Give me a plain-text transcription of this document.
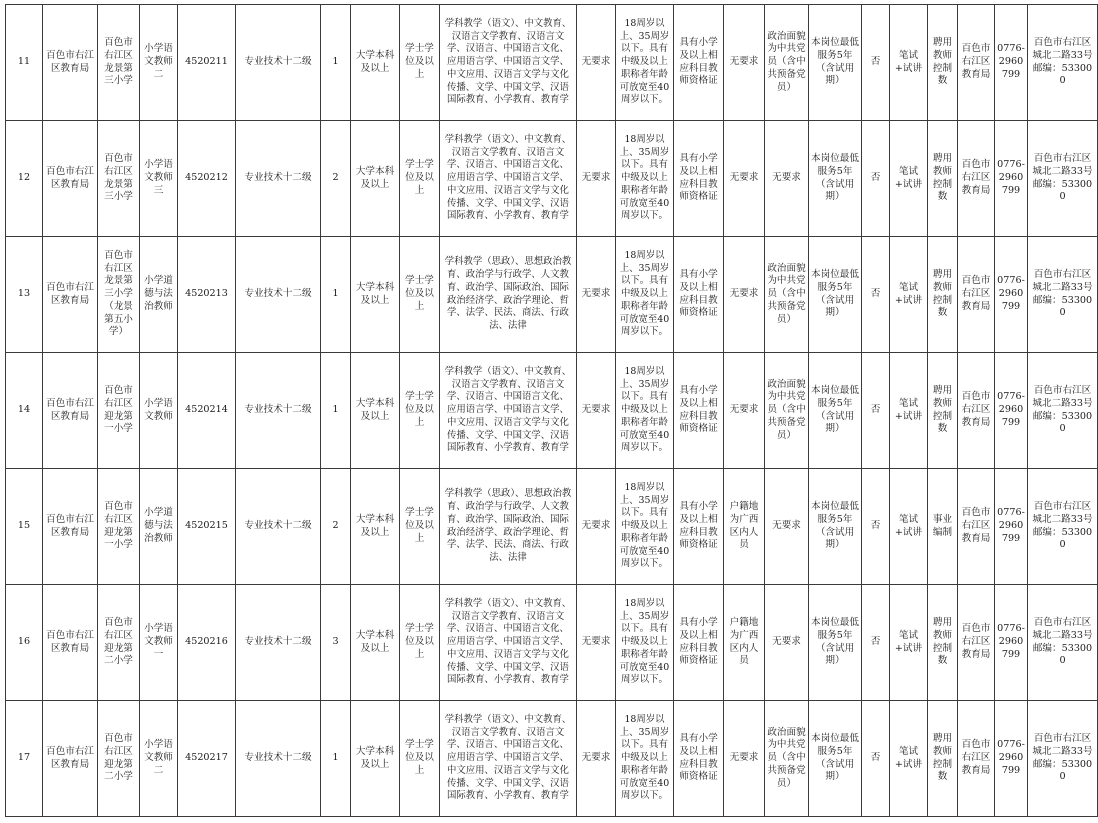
11	百色市右江区教育局	百色市右江区龙景第三小学	小学语文教师二	4520211	专业技术十二级	1	大学本科及以上	学士学位及以上	学科教学（语文）、中文教育、汉语言文学教育、汉语言文学、汉语言、中国语言文化、应用语言学、中国语言文学、中文应用、汉语言文学与文化传播、文学、中国文学、汉语国际教育、小学教育、教育学	无要求	18周岁以上、35周岁以下。具有中级及以上职称者年龄可放宽至40周岁以下。	具有小学及以上相应科目教师资格证	无要求	政治面貌为中共党员（含中共预备党员）	本岗位最低服务5年（含试用期）	否	笔试+试讲	聘用教师控制数	百色市右江区教育局	0776-2960799	百色市右江区城北二路33号邮编：533000
12	百色市右江区教育局	百色市右江区龙景第三小学	小学语文教师三	4520212	专业技术十二级	2	大学本科及以上	学士学位及以上	学科教学（语文）、中文教育、汉语言文学教育、汉语言文学、汉语言、中国语言文化、应用语言学、中国语言文学、中文应用、汉语言文学与文化传播、文学、中国文学、汉语国际教育、小学教育、教育学	无要求	18周岁以上、35周岁以下。具有中级及以上职称者年龄可放宽至40周岁以下。	具有小学及以上相应科目教师资格证	无要求	无要求	本岗位最低服务5年（含试用期）	否	笔试+试讲	聘用教师控制数	百色市右江区教育局	0776-2960799	百色市右江区城北二路33号邮编：533000
13	百色市右江区教育局	百色市右江区龙景第三小学（龙景第五小学）	小学道德与法治教师	4520213	专业技术十二级	1	大学本科及以上	学士学位及以上	学科教学（思政）、思想政治教育、政治学与行政学、人文教育、政治学、国际政治、国际政治经济学、政治学理论、哲学、法学、民法、商法、行政法、法律	无要求	18周岁以上、35周岁以下。具有中级及以上职称者年龄可放宽至40周岁以下。	具有小学及以上相应科目教师资格证	无要求	政治面貌为中共党员（含中共预备党员）	本岗位最低服务5年（含试用期）	否	笔试+试讲	聘用教师控制数	百色市右江区教育局	0776-2960799	百色市右江区城北二路33号邮编：533000
14	百色市右江区教育局	百色市右江区迎龙第一小学	小学语文教师	4520214	专业技术十二级	1	大学本科及以上	学士学位及以上	学科教学（语文）、中文教育、汉语言文学教育、汉语言文学、汉语言、中国语言文化、应用语言学、中国语言文学、中文应用、汉语言文学与文化传播、文学、中国文学、汉语国际教育、小学教育、教育学	无要求	18周岁以上、35周岁以下。具有中级及以上职称者年龄可放宽至40周岁以下。	具有小学及以上相应科目教师资格证	无要求	政治面貌为中共党员（含中共预备党员）	本岗位最低服务5年（含试用期）	否	笔试+试讲	聘用教师控制数	百色市右江区教育局	0776-2960799	百色市右江区城北二路33号邮编：533000
15	百色市右江区教育局	百色市右江区迎龙第一小学	小学道德与法治教师	4520215	专业技术十二级	2	大学本科及以上	学士学位及以上	学科教学（思政）、思想政治教育、政治学与行政学、人文教育、政治学、国际政治、国际政治经济学、政治学理论、哲学、法学、民法、商法、行政法、法律	无要求	18周岁以上、35周岁以下。具有中级及以上职称者年龄可放宽至40周岁以下。	具有小学及以上相应科目教师资格证	户籍地为广西区内人员	无要求	本岗位最低服务5年（含试用期）	否	笔试+试讲	事业编制	百色市右江区教育局	0776-2960799	百色市右江区城北二路33号邮编：533000
16	百色市右江区教育局	百色市右江区迎龙第二小学	小学语文教师一	4520216	专业技术十二级	3	大学本科及以上	学士学位及以上	学科教学（语文）、中文教育、汉语言文学教育、汉语言文学、汉语言、中国语言文化、应用语言学、中国语言文学、中文应用、汉语言文学与文化传播、文学、中国文学、汉语国际教育、小学教育、教育学	无要求	18周岁以上、35周岁以下。具有中级及以上职称者年龄可放宽至40周岁以下。	具有小学及以上相应科目教师资格证	户籍地为广西区内人员	无要求	本岗位最低服务5年（含试用期）	否	笔试+试讲	聘用教师控制数	百色市右江区教育局	0776-2960799	百色市右江区城北二路33号邮编：533000
17	百色市右江区教育局	百色市右江区迎龙第二小学	小学语文教师二	4520217	专业技术十二级	1	大学本科及以上	学士学位及以上	学科教学（语文）、中文教育、汉语言文学教育、汉语言文学、汉语言、中国语言文化、应用语言学、中国语言文学、中文应用、汉语言文学与文化传播、文学、中国文学、汉语国际教育、小学教育、教育学	无要求	18周岁以上、35周岁以下。具有中级及以上职称者年龄可放宽至40周岁以下。	具有小学及以上相应科目教师资格证	无要求	政治面貌为中共党员（含中共预备党员）	本岗位最低服务5年（含试用期）	否	笔试+试讲	聘用教师控制数	百色市右江区教育局	0776-2960799	百色市右江区城北二路33号邮编：533000
